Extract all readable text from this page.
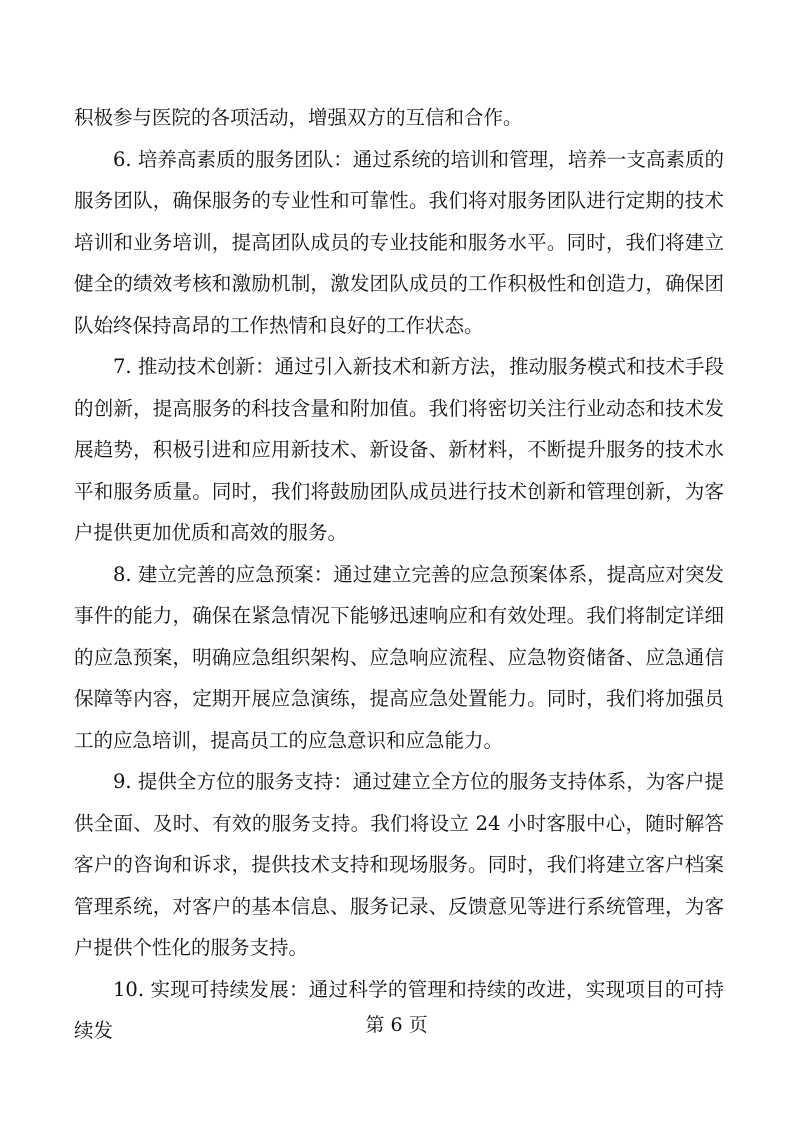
积极参与医院的各项活动，增强双方的互信和合作。

6. 培养高素质的服务团队：通过系统的培训和管理，培养一支高素质的服务团队，确保服务的专业性和可靠性。我们将对服务团队进行定期的技术培训和业务培训，提高团队成员的专业技能和服务水平。同时，我们将建立健全的绩效考核和激励机制，激发团队成员的工作积极性和创造力，确保团队始终保持高昂的工作热情和良好的工作状态。

7. 推动技术创新：通过引入新技术和新方法，推动服务模式和技术手段的创新，提高服务的科技含量和附加值。我们将密切关注行业动态和技术发展趋势，积极引进和应用新技术、新设备、新材料，不断提升服务的技术水平和服务质量。同时，我们将鼓励团队成员进行技术创新和管理创新，为客户提供更加优质和高效的服务。

8. 建立完善的应急预案：通过建立完善的应急预案体系，提高应对突发事件的能力，确保在紧急情况下能够迅速响应和有效处理。我们将制定详细的应急预案，明确应急组织架构、应急响应流程、应急物资储备、应急通信保障等内容，定期开展应急演练，提高应急处置能力。同时，我们将加强员工的应急培训，提高员工的应急意识和应急能力。

9. 提供全方位的服务支持：通过建立全方位的服务支持体系，为客户提供全面、及时、有效的服务支持。我们将设立 24 小时客服中心，随时解答客户的咨询和诉求，提供技术支持和现场服务。同时，我们将建立客户档案管理系统，对客户的基本信息、服务记录、反馈意见等进行系统管理，为客户提供个性化的服务支持。

10. 实现可持续发展：通过科学的管理和持续的改进，实现项目的可持续发	第 6 页
